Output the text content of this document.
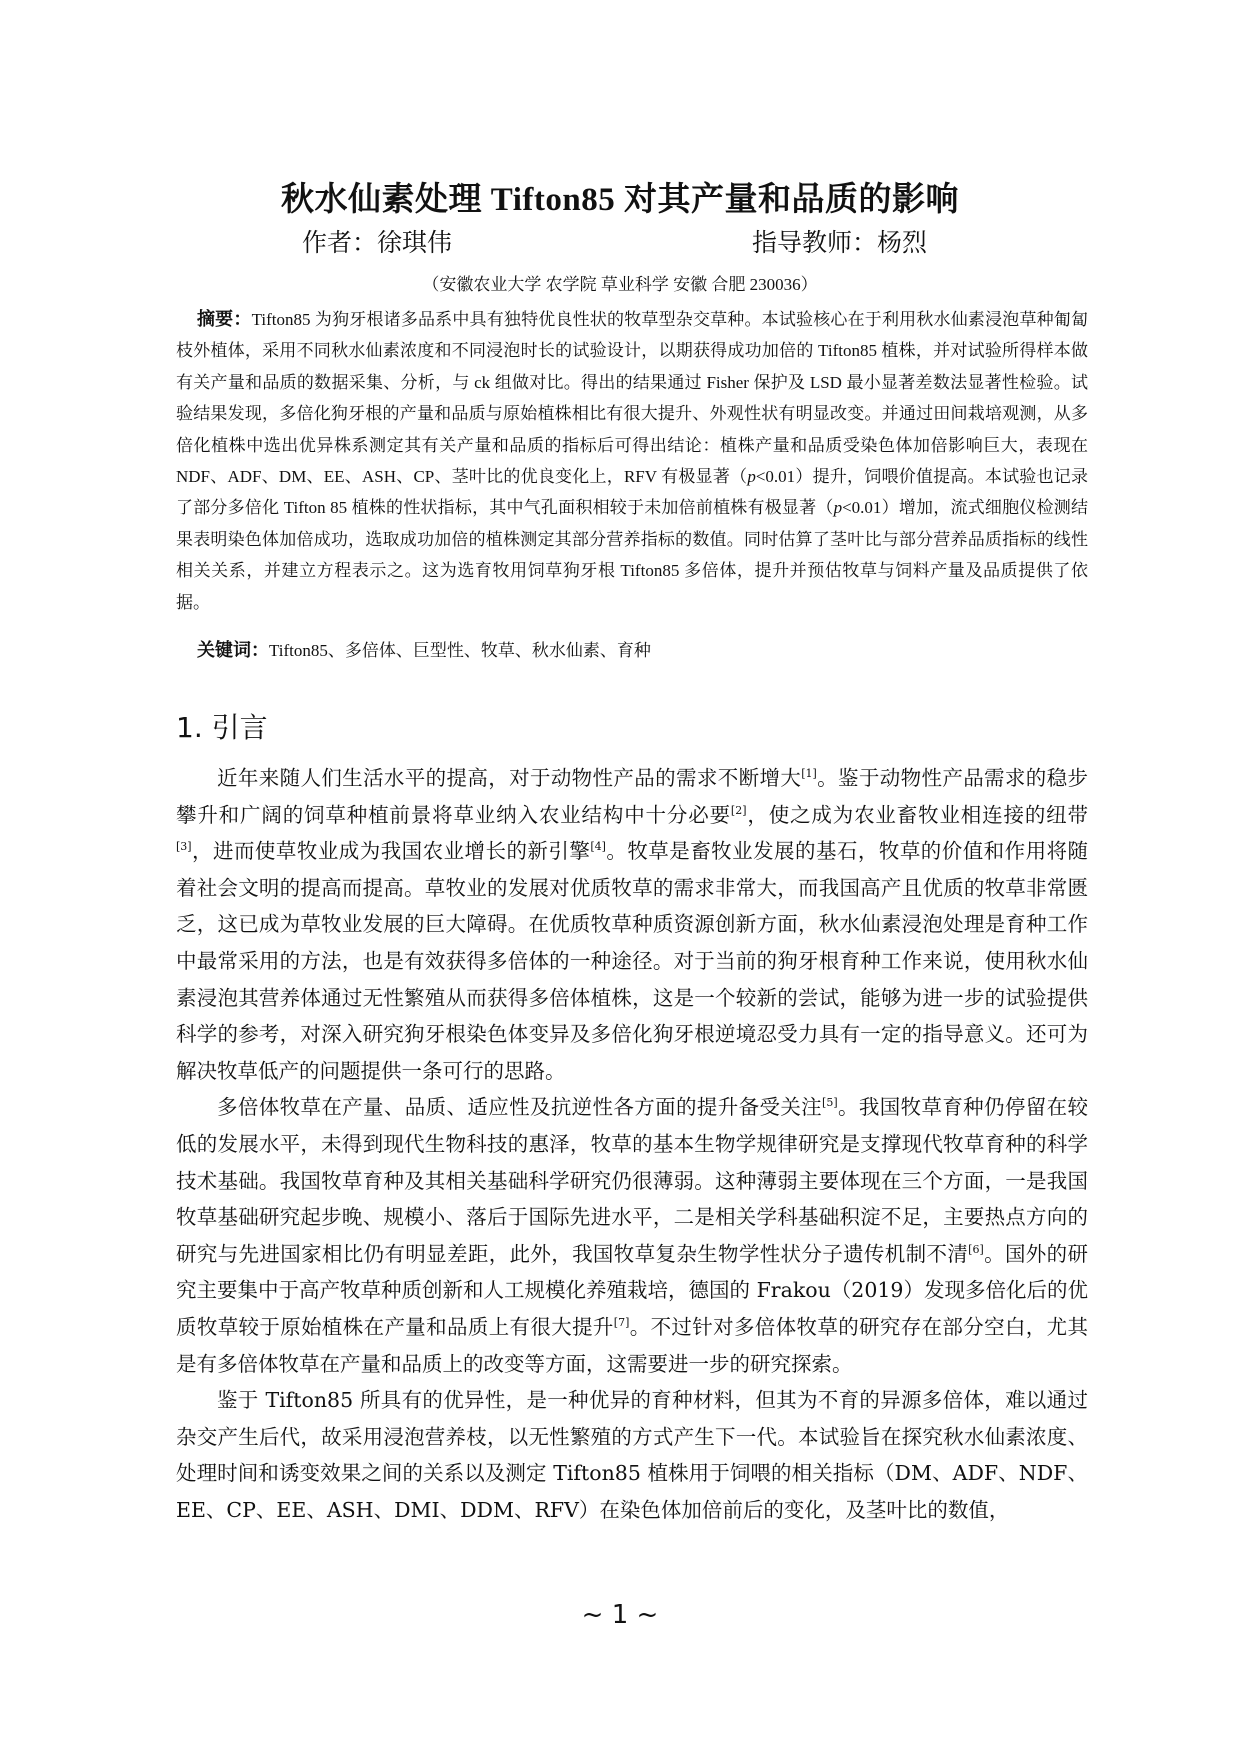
秋水仙素处理 Tifton85 对其产量和品质的影响
作者：徐琪伟	指导教师：杨烈
（安徽农业大学 农学院 草业科学 安徽 合肥 230036）
摘要：Tifton85 为狗牙根诸多品系中具有独特优良性状的牧草型杂交草种。本试验核心在于利用秋水仙素浸泡草种匍匐枝外植体，采用不同秋水仙素浓度和不同浸泡时长的试验设计，以期获得成功加倍的 Tifton85 植株，并对试验所得样本做有关产量和品质的数据采集、分析，与 ck 组做对比。得出的结果通过 Fisher 保护及 LSD 最小显著差数法显著性检验。试验结果发现，多倍化狗牙根的产量和品质与原始植株相比有很大提升、外观性状有明显改变。并通过田间栽培观测，从多倍化植株中选出优异株系测定其有关产量和品质的指标后可得出结论：植株产量和品质受染色体加倍影响巨大，表现在 NDF、ADF、DM、EE、ASH、CP、茎叶比的优良变化上，RFV 有极显著（p<0.01）提升，饲喂价值提高。本试验也记录了部分多倍化 Tifton 85 植株的性状指标，其中气孔面积相较于未加倍前植株有极显著（p<0.01）增加，流式细胞仪检测结果表明染色体加倍成功，选取成功加倍的植株测定其部分营养指标的数值。同时估算了茎叶比与部分营养品质指标的线性相关关系，并建立方程表示之。这为选育牧用饲草狗牙根 Tifton85 多倍体，提升并预估牧草与饲料产量及品质提供了依据。
关键词：Tifton85、多倍体、巨型性、牧草、秋水仙素、育种
1. 引言

近年来随人们生活水平的提高，对于动物性产品的需求不断增大[1]。鉴于动物性产品需求的稳步攀升和广阔的饲草种植前景将草业纳入农业结构中十分必要[2]，使之成为农业畜牧业相连接的纽带[3]，进而使草牧业成为我国农业增长的新引擎[4]。牧草是畜牧业发展的基石，牧草的价值和作用将随着社会文明的提高而提高。草牧业的发展对优质牧草的需求非常大，而我国高产且优质的牧草非常匮乏，这已成为草牧业发展的巨大障碍。在优质牧草种质资源创新方面，秋水仙素浸泡处理是育种工作中最常采用的方法，也是有效获得多倍体的一种途径。对于当前的狗牙根育种工作来说，使用秋水仙素浸泡其营养体通过无性繁殖从而获得多倍体植株，这是一个较新的尝试，能够为进一步的试验提供科学的参考，对深入研究狗牙根染色体变异及多倍化狗牙根逆境忍受力具有一定的指导意义。还可为解决牧草低产的问题提供一条可行的思路。

多倍体牧草在产量、品质、适应性及抗逆性各方面的提升备受关注[5]。我国牧草育种仍停留在较低的发展水平，未得到现代生物科技的惠泽，牧草的基本生物学规律研究是支撑现代牧草育种的科学技术基础。我国牧草育种及其相关基础科学研究仍很薄弱。这种薄弱主要体现在三个方面，一是我国牧草基础研究起步晚、规模小、落后于国际先进水平，二是相关学科基础积淀不足，主要热点方向的研究与先进国家相比仍有明显差距，此外，我国牧草复杂生物学性状分子遗传机制不清[6]。国外的研究主要集中于高产牧草种质创新和人工规模化养殖栽培，德国的 Frakou（2019）发现多倍化后的优质牧草较于原始植株在产量和品质上有很大提升[7]。不过针对多倍体牧草的研究存在部分空白，尤其是有多倍体牧草在产量和品质上的改变等方面，这需要进一步的研究探索。

鉴于 Tifton85 所具有的优异性，是一种优异的育种材料，但其为不育的异源多倍体，难以通过杂交产生后代，故采用浸泡营养枝，以无性繁殖的方式产生下一代。本试验旨在探究秋水仙素浓度、处理时间和诱变效果之间的关系以及测定 Tifton85 植株用于饲喂的相关指标（DM、ADF、NDF、EE、CP、EE、ASH、DMI、DDM、RFV）在染色体加倍前后的变化，及茎叶比的数值，

~ 1 ~
